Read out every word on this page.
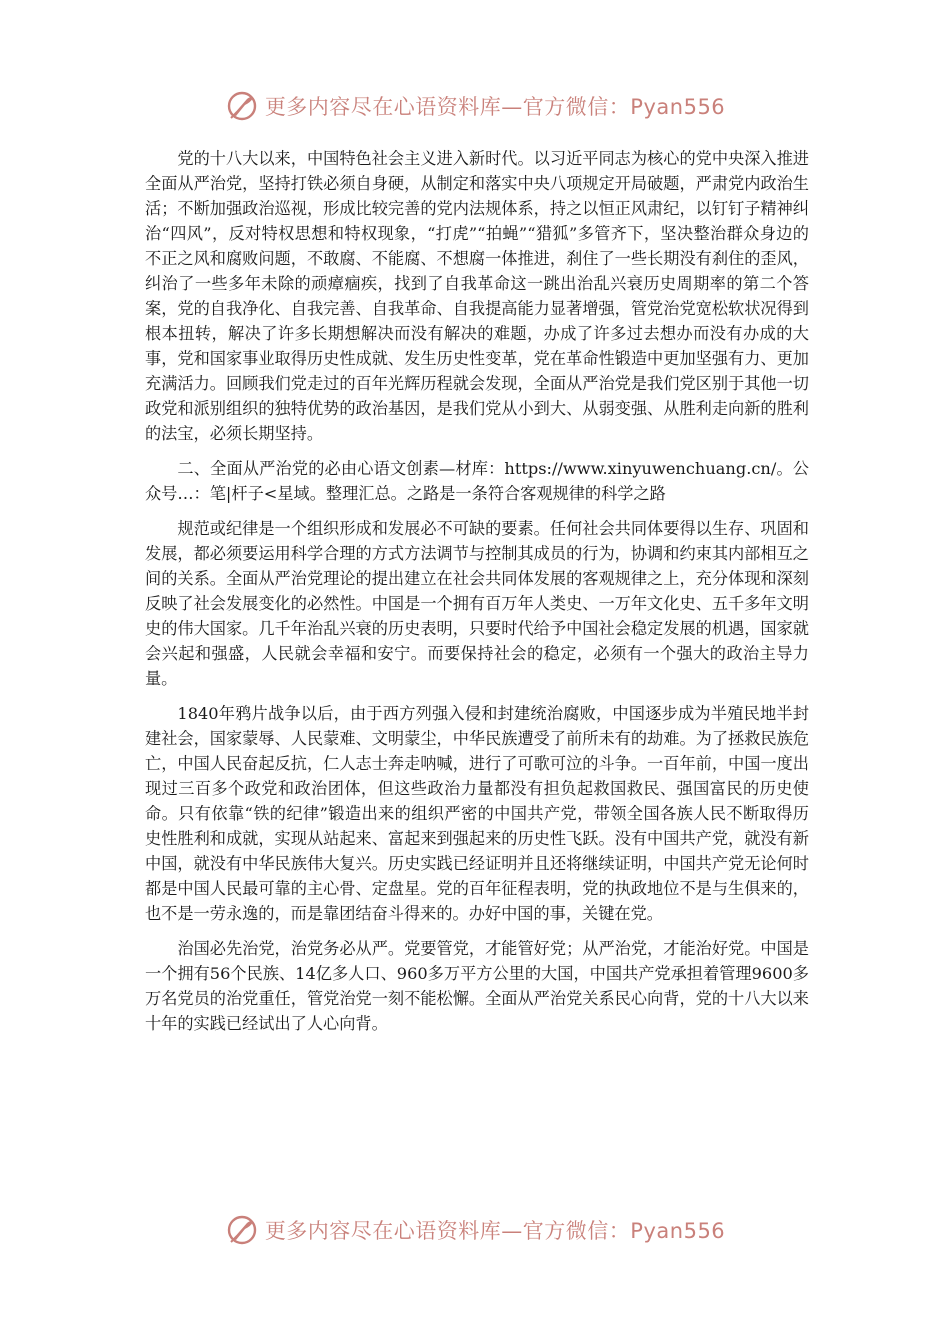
更多内容尽在心语资料库—官方微信：Pyan556

党的十八大以来，中国特色社会主义进入新时代。以习近平同志为核心的党中央深入推进全面从严治党，坚持打铁必须自身硬，从制定和落实中央八项规定开局破题，严肃党内政治生活；不断加强政治巡视，形成比较完善的党内法规体系，持之以恒正风肃纪，以钉钉子精神纠治“四风”，反对特权思想和特权现象，“打虎”“拍蝇”“猎狐”多管齐下，坚决整治群众身边的不正之风和腐败问题，不敢腐、不能腐、不想腐一体推进，刹住了一些长期没有刹住的歪风，纠治了一些多年未除的顽瘴痼疾，找到了自我革命这一跳出治乱兴衰历史周期率的第二个答案，党的自我净化、自我完善、自我革命、自我提高能力显著增强，管党治党宽松软状况得到根本扭转，解决了许多长期想解决而没有解决的难题，办成了许多过去想办而没有办成的大事，党和国家事业取得历史性成就、发生历史性变革，党在革命性锻造中更加坚强有力、更加充满活力。回顾我们党走过的百年光辉历程就会发现，全面从严治党是我们党区别于其他一切政党和派别组织的独特优势的政治基因，是我们党从小到大、从弱变强、从胜利走向新的胜利的法宝，必须长期坚持。

二、全面从严治党的必由心语文创素—材库：https://www.xinyuwenchuang.cn/。公众号…：笔|杆子<星域。整理汇总。之路是一条符合客观规律的科学之路

规范或纪律是一个组织形成和发展必不可缺的要素。任何社会共同体要得以生存、巩固和发展，都必须要运用科学合理的方式方法调节与控制其成员的行为，协调和约束其内部相互之间的关系。全面从严治党理论的提出建立在社会共同体发展的客观规律之上，充分体现和深刻反映了社会发展变化的必然性。中国是一个拥有百万年人类史、一万年文化史、五千多年文明史的伟大国家。几千年治乱兴衰的历史表明，只要时代给予中国社会稳定发展的机遇，国家就会兴起和强盛，人民就会幸福和安宁。而要保持社会的稳定，必须有一个强大的政治主导力量。

1840年鸦片战争以后，由于西方列强入侵和封建统治腐败，中国逐步成为半殖民地半封建社会，国家蒙辱、人民蒙难、文明蒙尘，中华民族遭受了前所未有的劫难。为了拯救民族危亡，中国人民奋起反抗，仁人志士奔走呐喊，进行了可歌可泣的斗争。一百年前，中国一度出现过三百多个政党和政治团体，但这些政治力量都没有担负起救国救民、强国富民的历史使命。只有依靠“铁的纪律”锻造出来的组织严密的中国共产党，带领全国各族人民不断取得历史性胜利和成就，实现从站起来、富起来到强起来的历史性飞跃。没有中国共产党，就没有新中国，就没有中华民族伟大复兴。历史实践已经证明并且还将继续证明，中国共产党无论何时都是中国人民最可靠的主心骨、定盘星。党的百年征程表明，党的执政地位不是与生俱来的，也不是一劳永逸的，而是靠团结奋斗得来的。办好中国的事，关键在党。

治国必先治党，治党务必从严。党要管党，才能管好党；从严治党，才能治好党。中国是一个拥有56个民族、14亿多人口、960多万平方公里的大国，中国共产党承担着管理9600多万名党员的治党重任，管党治党一刻不能松懈。全面从严治党关系民心向背，党的十八大以来十年的实践已经试出了人心向背。

更多内容尽在心语资料库—官方微信：Pyan556
